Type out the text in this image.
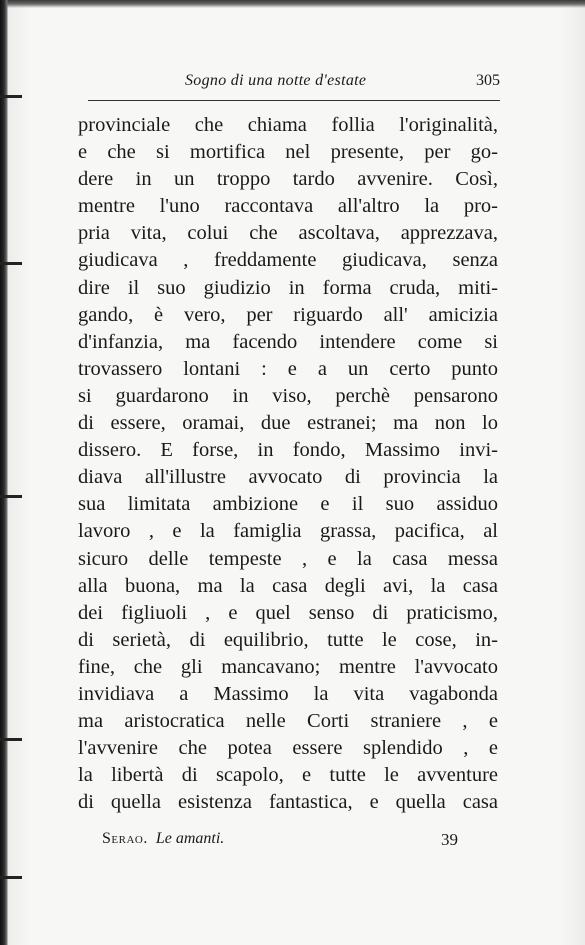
Sogno di una notte d'estate	305
provinciale che chiama follia l'originalità,
e che si mortifica nel presente, per go-
dere in un troppo tardo avvenire. Così,
mentre l'uno raccontava all'altro la pro-
pria vita, colui che ascoltava, apprezzava,
giudicava , freddamente giudicava, senza
dire il suo giudizio in forma cruda, miti-
gando, è vero, per riguardo all' amicizia
d'infanzia, ma facendo intendere come si
trovassero lontani : e a un certo punto
si guardarono in viso, perchè pensarono
di essere, oramai, due estranei; ma non lo
dissero. E forse, in fondo, Massimo invi-
diava all'illustre avvocato di provincia la
sua limitata ambizione e il suo assiduo
lavoro , e la famiglia grassa, pacifica, al
sicuro delle tempeste , e la casa messa
alla buona, ma la casa degli avi, la casa
dei figliuoli , e quel senso di praticismo,
di serietà, di equilibrio, tutte le cose, in-
fine, che gli mancavano; mentre l'avvocato
invidiava a Massimo la vita vagabonda
ma aristocratica nelle Corti straniere , e
l'avvenire che potea essere splendido , e
la libertà di scapolo, e tutte le avventure
di quella esistenza fantastica, e quella casa
Serao. Le amanti.	39
